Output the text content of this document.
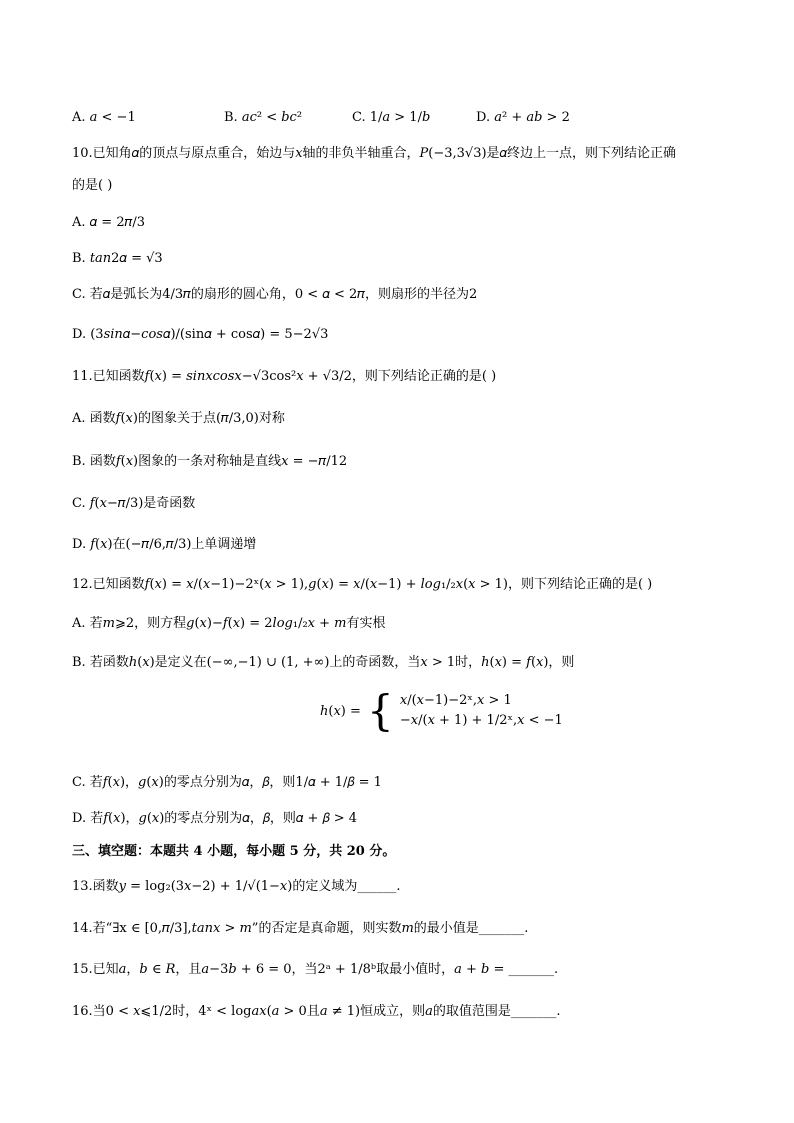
A. 𝑎 < −1	B. 𝑎𝑐² < 𝑏𝑐²	C. 1/𝑎 > 1/𝑏	D. 𝑎² + 𝑎𝑏 > 2
10.已知角𝛼的顶点与原点重合，始边与𝑥轴的非负半轴重合，𝑃(−3,3√3)是𝛼终边上一点，则下列结论正确
的是( )
A. 𝛼 = 2𝜋/3
B. 𝑡𝑎𝑛2𝛼 = √3
C. 若𝛼是弧长为4/3𝜋的扇形的圆心角，0 < 𝛼 < 2𝜋，则扇形的半径为2
D. (3𝑠𝑖𝑛𝛼−𝑐𝑜𝑠𝛼)/(sin𝛼 + cos𝛼) = 5−2√3
11.已知函数𝑓(𝑥) = 𝑠𝑖𝑛𝑥𝑐𝑜𝑠𝑥−√3cos²𝑥 + √3/2，则下列结论正确的是( )
A. 函数𝑓(𝑥)的图象关于点(𝜋/3,0)对称
B. 函数𝑓(𝑥)图象的一条对称轴是直线𝑥 = −𝜋/12
C. 𝑓(𝑥−𝜋/3)是奇函数
D. 𝑓(𝑥)在(−𝜋/6,𝜋/3)上单调递增
12.已知函数𝑓(𝑥) = 𝑥/(𝑥−1)−2ˣ(𝑥 > 1),𝑔(𝑥) = 𝑥/(𝑥−1) + 𝑙𝑜𝑔₁/₂𝑥(𝑥 > 1)，则下列结论正确的是( )
A. 若𝑚⩾2，则方程𝑔(𝑥)−𝑓(𝑥) = 2𝑙𝑜𝑔₁/₂𝑥 + 𝑚有实根
B. 若函数ℎ(𝑥)是定义在(−∞,−1) ∪ (1, +∞)上的奇函数，当𝑥 > 1时，ℎ(𝑥) = 𝑓(𝑥)，则
ℎ(𝑥) = { 𝑥/(𝑥−1)−2ˣ,𝑥 > 1
−𝑥/(𝑥 + 1) + 1/2ˣ,𝑥 < −1
C. 若𝑓(𝑥)，𝑔(𝑥)的零点分别为𝛼，𝛽，则1/𝛼 + 1/𝛽 = 1
D. 若𝑓(𝑥)，𝑔(𝑥)的零点分别为𝛼，𝛽，则𝛼 + 𝛽 > 4
三、填空题：本题共 4 小题，每小题 5 分，共 20 分。
13.函数𝑦 = log₂(3𝑥−2) + 1/√(1−𝑥)的定义域为______.
14.若“∃x ∈ [0,𝜋/3],𝑡𝑎𝑛𝑥 > 𝑚”的否定是真命题，则实数𝑚的最小值是_______.
15.已知𝑎，𝑏 ∈ 𝑅，且𝑎−3𝑏 + 6 = 0，当2ᵃ + 1/8ᵇ取最小值时，𝑎 + 𝑏 = _______.
16.当0 < 𝑥⩽1/2时，4ˣ < log𝑎𝑥(𝑎 > 0且𝑎 ≠ 1)恒成立，则𝑎的取值范围是_______.
